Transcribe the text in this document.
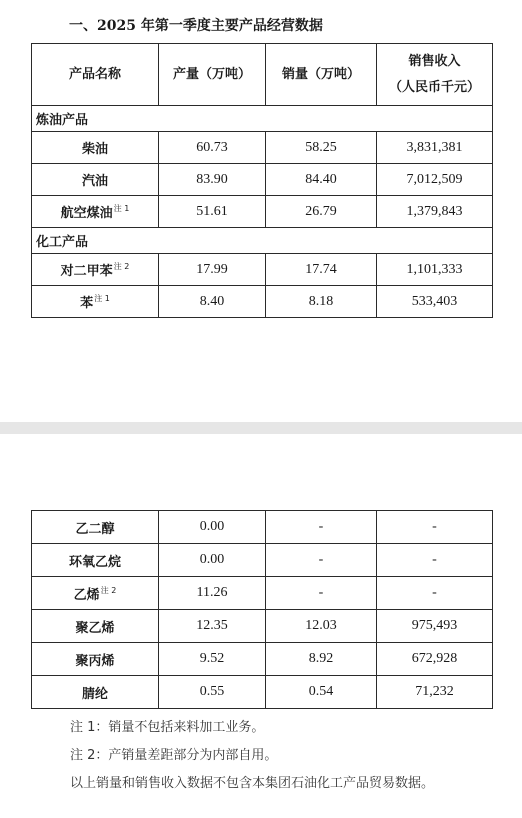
一、2025 年第一季度主要产品经营数据
产品名称	产量（万吨）	销量（万吨）	销售收入
（人民币千元）

炼油产品			
柴油	60.73	58.25	3,831,381
汽油	83.90	84.40	7,012,509
航空煤油$^{注 1}$	51.61	26.79	1,379,843
化工产品			
对二甲苯$^{注 2}$	17.99	17.74	1,101,333
苯$^{注 1}$	8.40	8.18	533,403
乙二醇	0.00	-	-
环氧乙烷	0.00	-	-
乙烯$^{注 2}$	11.26	-	-
聚乙烯	12.35	12.03	975,493
聚丙烯	9.52	8.92	672,928
腈纶	0.55	0.54	71,232
注 1：销量不包括来料加工业务。
注 2：产销量差距部分为内部自用。
以上销量和销售收入数据不包含本集团石油化工产品贸易数据。
